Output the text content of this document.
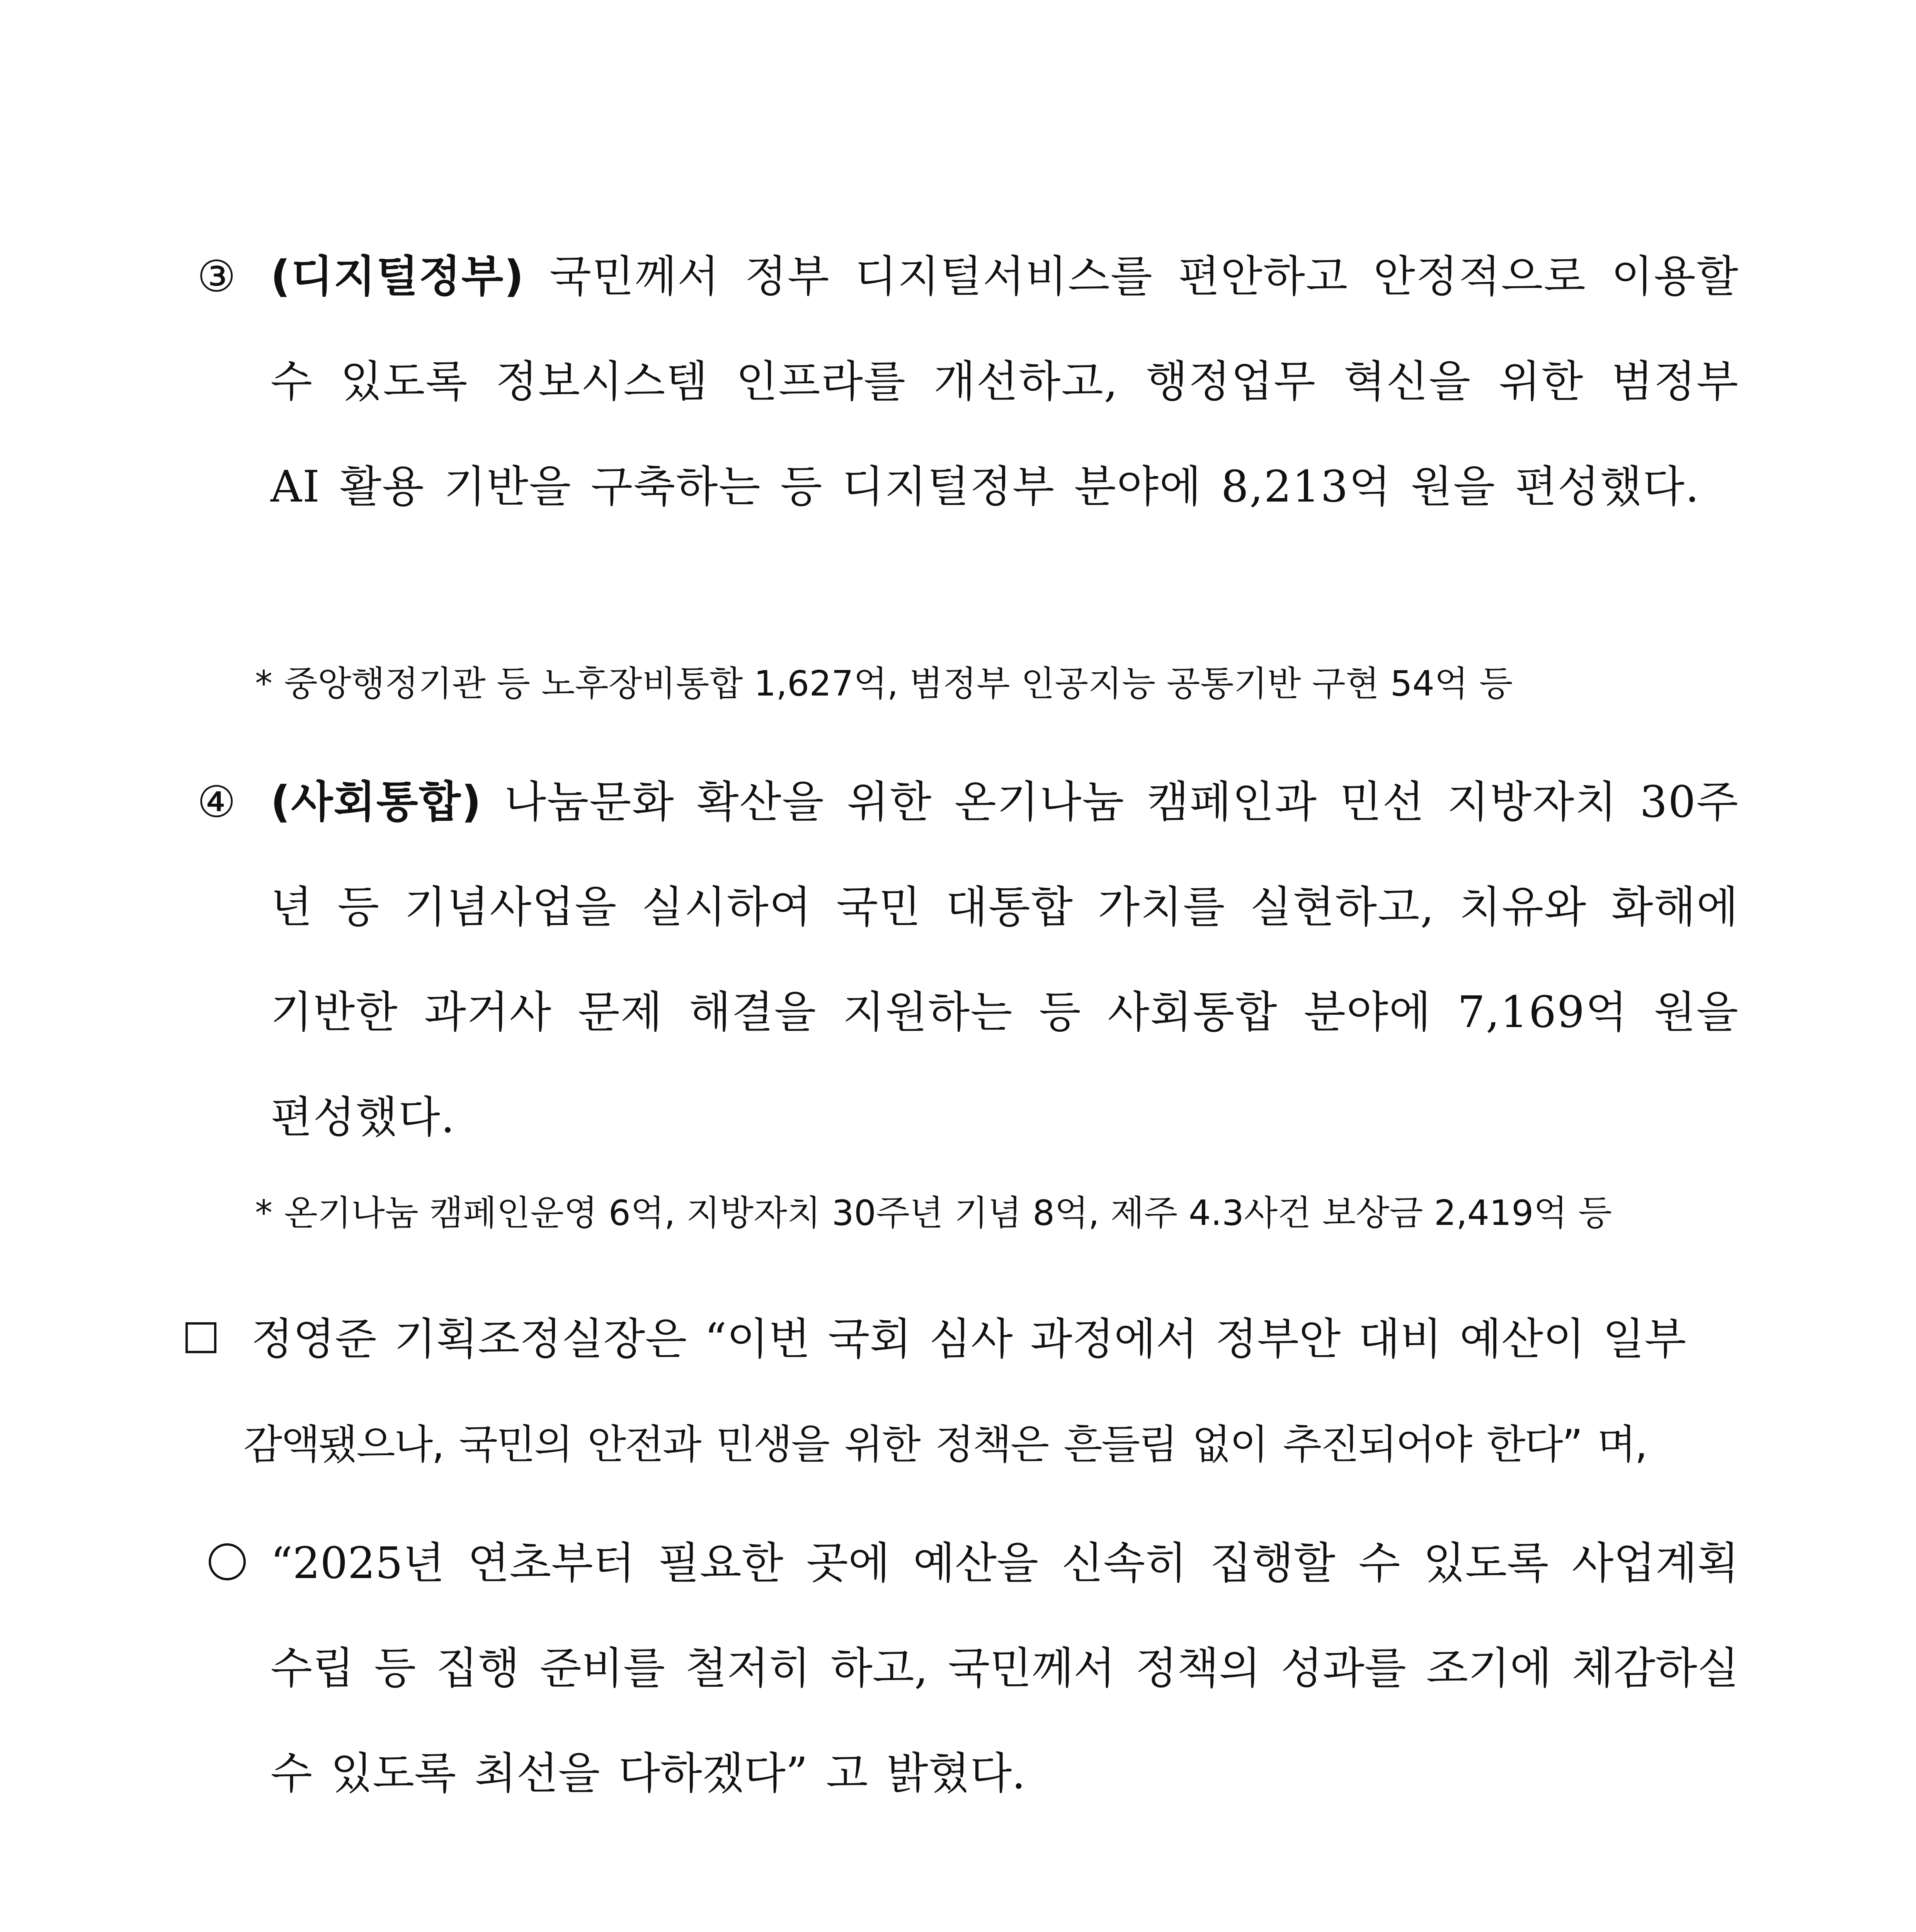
③ (디지털정부) 국민께서 정부 디지털서비스를 편안하고 안정적으로 이용할 수 있도록 정보시스템 인프라를 개선하고, 행정업무 혁신을 위한 범정부 AI 활용 기반을 구축하는 등 디지털정부 분야에 8,213억 원을 편성했다.
* 중앙행정기관 등 노후장비통합 1,627억, 범정부 인공지능 공통기반 구현 54억 등
④ (사회통합) 나눔문화 확산을 위한 온기나눔 캠페인과 민선 지방자치 30주년 등 기념사업을 실시하여 국민 대통합 가치를 실현하고, 치유와 화해에 기반한 과거사 문제 해결을 지원하는 등 사회통합 분야에 7,169억 원을 편성했다.
* 온기나눔 캠페인운영 6억, 지방자치 30주년 기념 8억, 제주 4.3사건 보상금 2,419억 등
정영준 기획조정실장은 “이번 국회 심사 과정에서 정부안 대비 예산이 일부
감액됐으나, 국민의 안전과 민생을 위한 정책은 흔들림 없이 추진되어야 한다” 며,
“2025년 연초부터 필요한 곳에 예산을 신속히 집행할 수 있도록 사업계획 수립 등 집행 준비를 철저히 하고, 국민께서 정책의 성과를 조기에 체감하실 수 있도록 최선을 다하겠다” 고 밝혔다.
